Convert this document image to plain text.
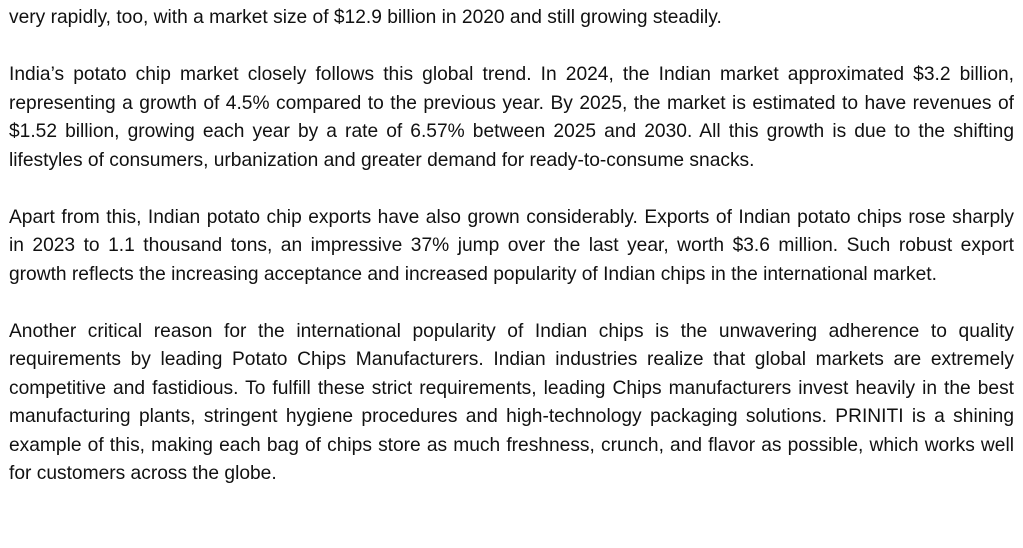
very rapidly, too, with a market size of $12.9 billion in 2020 and still growing steadily.

India’s potato chip market closely follows this global trend. In 2024, the Indian market approximated $3.2 billion, representing a growth of 4.5% compared to the previous year. By 2025, the market is estimated to have revenues of $1.52 billion, growing each year by a rate of 6.57% between 2025 and 2030. All this growth is due to the shifting lifestyles of consumers, urbanization and greater demand for ready-to-consume snacks.

Apart from this, Indian potato chip exports have also grown considerably. Exports of Indian potato chips rose sharply in 2023 to 1.1 thousand tons, an impressive 37% jump over the last year, worth $3.6 million. Such robust export growth reflects the increasing acceptance and increased popularity of Indian chips in the international market.

Another critical reason for the international popularity of Indian chips is the unwavering adherence to quality requirements by leading Potato Chips Manufacturers. Indian industries realize that global markets are extremely competitive and fastidious. To fulfill these strict requirements, leading Chips manufacturers invest heavily in the best manufacturing plants, stringent hygiene procedures and high-technology packaging solutions. PRINITI is a shining example of this, making each bag of chips store as much freshness, crunch, and flavor as possible, which works well for customers across the globe.
